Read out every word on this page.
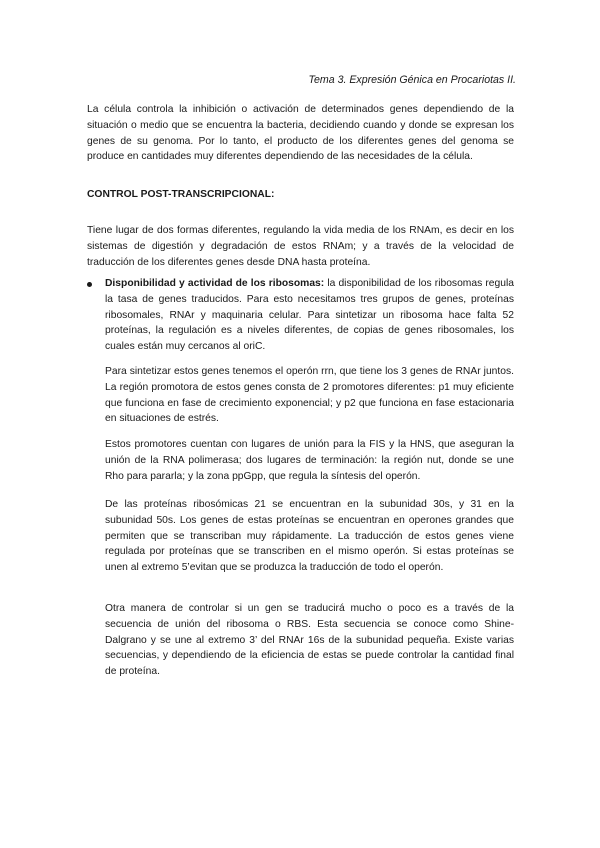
Tema 3. Expresión Génica en Procariotas II.

La célula controla la inhibición o activación de determinados genes dependiendo de la situación o medio que se encuentra la bacteria, decidiendo cuando y donde se expresan los genes de su genoma. Por lo tanto, el producto de los diferentes genes del genoma se produce en cantidades muy diferentes dependiendo de las necesidades de la célula.

CONTROL POST-TRANSCRIPCIONAL:

Tiene lugar de dos formas diferentes, regulando la vida media de los RNAm, es decir en los sistemas de digestión y degradación de estos RNAm; y a través de la velocidad de traducción de los diferentes genes desde DNA hasta proteína.

Disponibilidad y actividad de los ribosomas: la disponibilidad de los ribosomas regula la tasa de genes traducidos. Para esto necesitamos tres grupos de genes, proteínas ribosomales, RNAr y maquinaria celular. Para sintetizar un ribosoma hace falta 52 proteínas, la regulación es a niveles diferentes, de copias de genes ribosomales, los cuales están muy cercanos al oriC.

Para sintetizar estos genes tenemos el operón rrn, que tiene los 3 genes de RNAr juntos. La región promotora de estos genes consta de 2 promotores diferentes: p1 muy eficiente que funciona en fase de crecimiento exponencial; y p2 que funciona en fase estacionaria en situaciones de estrés.

Estos promotores cuentan con lugares de unión para la FIS y la HNS, que aseguran la unión de la RNA polimerasa; dos lugares de terminación: la región nut, donde se une Rho para pararla; y la zona ppGpp, que regula la síntesis del operón.

De las proteínas ribosómicas 21 se encuentran en la subunidad 30s, y 31 en la subunidad 50s. Los genes de estas proteínas se encuentran en operones grandes que permiten que se transcriban muy rápidamente. La traducción de estos genes viene regulada por proteínas que se transcriben en el mismo operón. Si estas proteínas se unen al extremo 5’evitan que se produzca la traducción de todo el operón.

Otra manera de controlar si un gen se traducirá mucho o poco es a través de la secuencia de unión del ribosoma o RBS. Esta secuencia se conoce como Shine-Dalgrano y se une al extremo 3’ del RNAr 16s de la subunidad pequeña. Existe varias secuencias, y dependiendo de la eficiencia de estas se puede controlar la cantidad final de proteína.
